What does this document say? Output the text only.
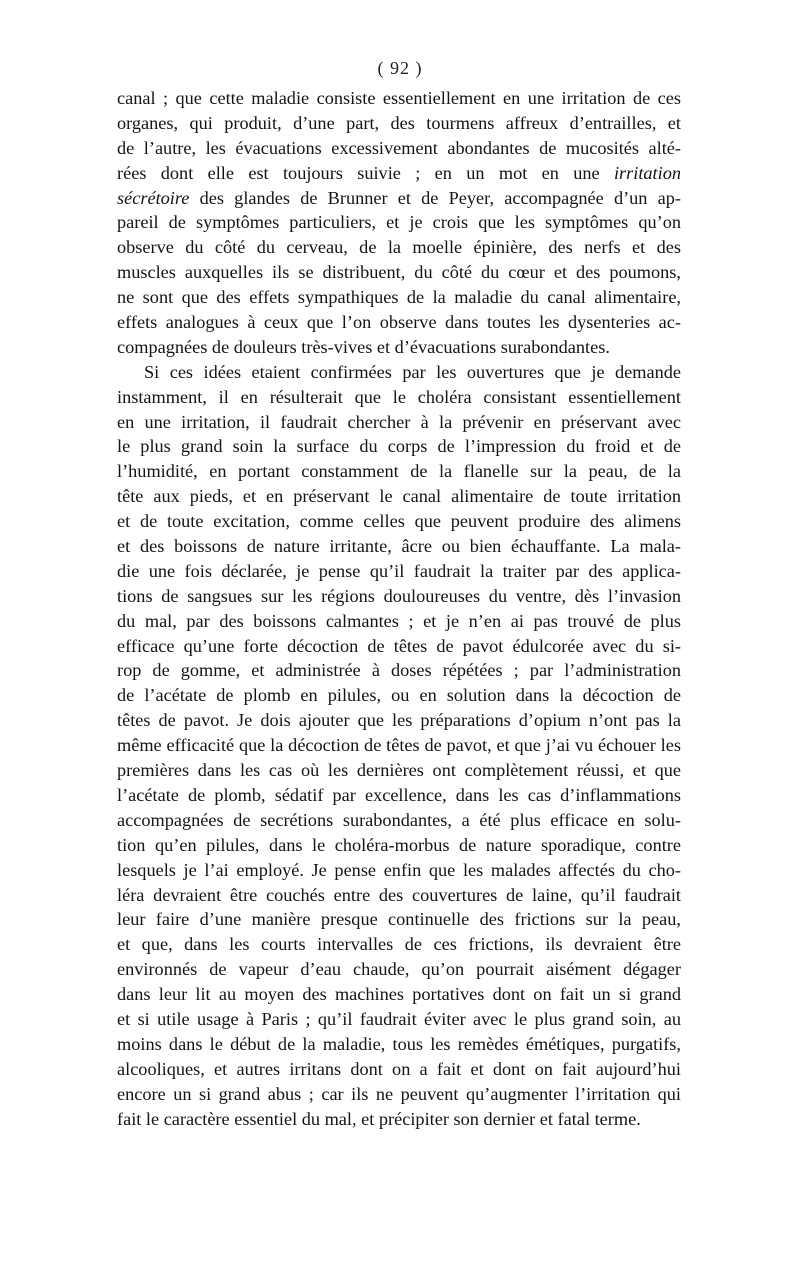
( 92 )
canal ; que cette maladie consiste essentiellement en une irritation de ces
organes, qui produit, d’une part, des tourmens affreux d’entrailles, et
de l’autre, les évacuations excessivement abondantes de mucosités alté-
rées dont elle est toujours suivie ; en un mot en une irritation
sécrétoire des glandes de Brunner et de Peyer, accompagnée d’un ap-
pareil de symptômes particuliers, et je crois que les symptômes qu’on
observe du côté du cerveau, de la moelle épinière, des nerfs et des
muscles auxquelles ils se distribuent, du côté du cœur et des poumons,
ne sont que des effets sympathiques de la maladie du canal alimentaire,
effets analogues à ceux que l’on observe dans toutes les dysenteries ac-
compagnées de douleurs très-vives et d’évacuations surabondantes.
Si ces idées etaient confirmées par les ouvertures que je demande
instamment, il en résulterait que le choléra consistant essentiellement
en une irritation, il faudrait chercher à la prévenir en préservant avec
le plus grand soin la surface du corps de l’impression du froid et de
l’humidité, en portant constamment de la flanelle sur la peau, de la
tête aux pieds, et en préservant le canal alimentaire de toute irritation
et de toute excitation, comme celles que peuvent produire des alimens
et des boissons de nature irritante, âcre ou bien échauffante. La mala-
die une fois déclarée, je pense qu’il faudrait la traiter par des applica-
tions de sangsues sur les régions douloureuses du ventre, dès l’invasion
du mal, par des boissons calmantes ; et je n’en ai pas trouvé de plus
efficace qu’une forte décoction de têtes de pavot édulcorée avec du si-
rop de gomme, et administrée à doses répétées ; par l’administration
de l’acétate de plomb en pilules, ou en solution dans la décoction de
têtes de pavot. Je dois ajouter que les préparations d’opium n’ont pas la
même efficacité que la décoction de têtes de pavot, et que j’ai vu échouer les
premières dans les cas où les dernières ont complètement réussi, et que
l’acétate de plomb, sédatif par excellence, dans les cas d’inflammations
accompagnées de secrétions surabondantes, a été plus efficace en solu-
tion qu’en pilules, dans le choléra-morbus de nature sporadique, contre
lesquels je l’ai employé. Je pense enfin que les malades affectés du cho-
léra devraient être couchés entre des couvertures de laine, qu’il faudrait
leur faire d’une manière presque continuelle des frictions sur la peau,
et que, dans les courts intervalles de ces frictions, ils devraient être
environnés de vapeur d’eau chaude, qu’on pourrait aisément dégager
dans leur lit au moyen des machines portatives dont on fait un si grand
et si utile usage à Paris ; qu’il faudrait éviter avec le plus grand soin, au
moins dans le début de la maladie, tous les remèdes émétiques, purgatifs,
alcooliques, et autres irritans dont on a fait et dont on fait aujourd’hui
encore un si grand abus ; car ils ne peuvent qu’augmenter l’irritation qui
fait le caractère essentiel du mal, et précipiter son dernier et fatal terme.
